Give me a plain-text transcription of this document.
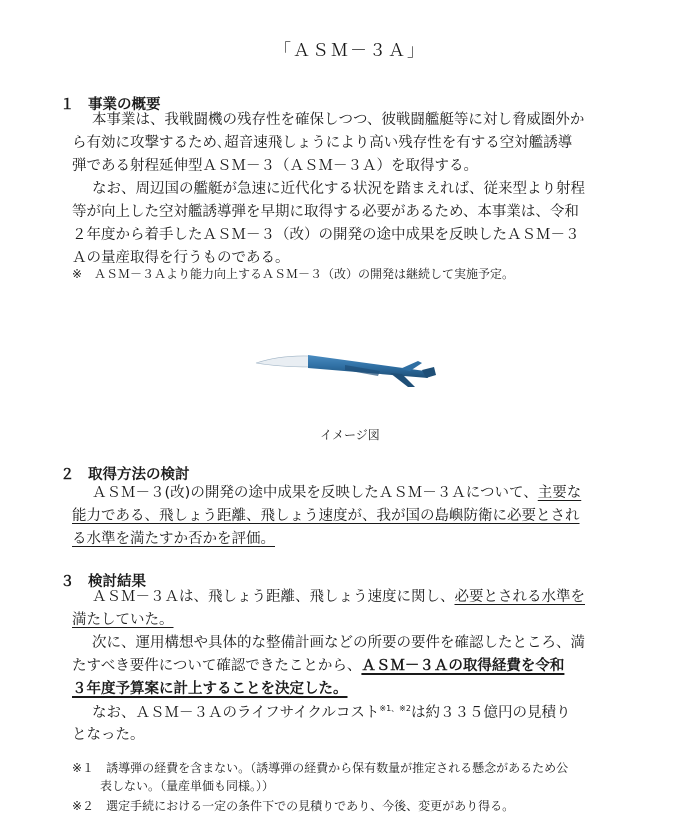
「ＡＳＭ－３Ａ」
１ 事業の概要
本事業は、我戦闘機の残存性を確保しつつ、彼戦闘艦艇等に対し脅威圏外か
ら有効に攻撃するため､超音速飛しょうにより高い残存性を有する空対艦誘導
弾である射程延伸型ＡＳＭ－３（ＡＳＭ－３Ａ）を取得する。
なお、周辺国の艦艇が急速に近代化する状況を踏まえれば、従来型より射程
等が向上した空対艦誘導弾を早期に取得する必要があるため、本事業は、令和
２年度から着手したＡＳＭ－３（改）の開発の途中成果を反映したＡＳＭ－３
Ａの量産取得を行うものである。
※　ＡＳＭ－３Ａより能力向上するＡＳＭ－３（改）の開発は継続して実施予定。
イメージ図
２ 取得方法の検討
ＡＳＭ－３(改)の開発の途中成果を反映したＡＳＭ－３Ａについて、主要な
能力である、飛しょう距離、飛しょう速度が、我が国の島嶼防衛に必要とされ
る水準を満たすか否かを評価。
３ 検討結果
ＡＳＭ－３Ａは、飛しょう距離、飛しょう速度に関し、必要とされる水準を
満たしていた。
次に、運用構想や具体的な整備計画などの所要の要件を確認したところ、満
たすべき要件について確認できたことから、ＡＳＭ－３Ａの取得経費を令和
３年度予算案に計上することを決定した。
なお、ＡＳＭ－３Ａのライフサイクルコスト$^{※1、※2}$は約３３５億円の見積り
となった。
※１　 誘導弾の経費を含まない。（誘導弾の経費から保有数量が推定される懸念があるため公
表しない。（量産単価も同様。））
※２　 選定手続における一定の条件下での見積りであり、今後、変更があり得る。
